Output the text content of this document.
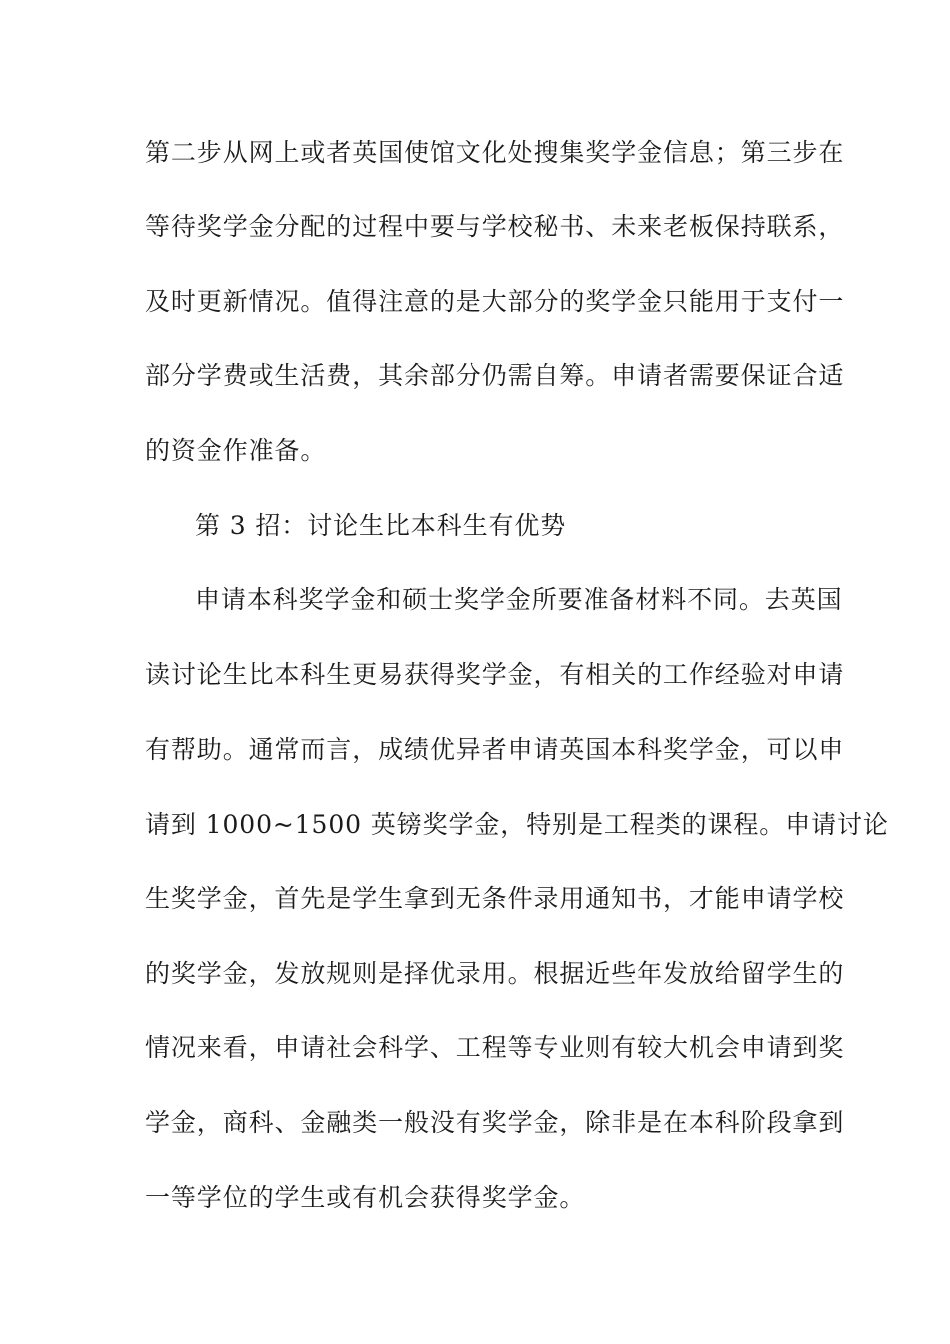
第二步从网上或者英国使馆文化处搜集奖学金信息；第三步在
等待奖学金分配的过程中要与学校秘书、未来老板保持联系，
及时更新情况。值得注意的是大部分的奖学金只能用于支付一
部分学费或生活费，其余部分仍需自筹。申请者需要保证合适
的资金作准备。
第 3 招：讨论生比本科生有优势
申请本科奖学金和硕士奖学金所要准备材料不同。去英国
读讨论生比本科生更易获得奖学金，有相关的工作经验对申请
有帮助。通常而言，成绩优异者申请英国本科奖学金，可以申
请到 1000~1500 英镑奖学金，特别是工程类的课程。申请讨论
生奖学金，首先是学生拿到无条件录用通知书，才能申请学校
的奖学金，发放规则是择优录用。根据近些年发放给留学生的
情况来看，申请社会科学、工程等专业则有较大机会申请到奖
学金，商科、金融类一般没有奖学金，除非是在本科阶段拿到
一等学位的学生或有机会获得奖学金。
